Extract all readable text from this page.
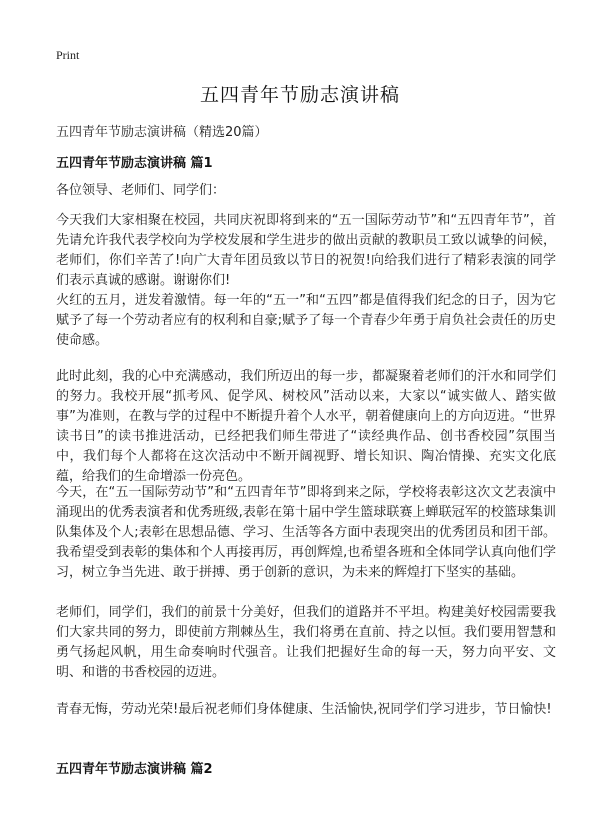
Print
五四青年节励志演讲稿

五四青年节励志演讲稿（精选20篇）

五四青年节励志演讲稿 篇1

各位领导、老师们、同学们：

今天我们大家相聚在校园，共同庆祝即将到来的“五一国际劳动节”和“五四青年节”，首先请允许我代表学校向为学校发展和学生进步的做出贡献的教职员工致以诚挚的问候，老师们，你们辛苦了!向广大青年团员致以节日的祝贺!向给我们进行了精彩表演的同学们表示真诚的感谢。谢谢你们!

火红的五月，迸发着激情。每一年的“五一”和“五四”都是值得我们纪念的日子，因为它赋予了每一个劳动者应有的权利和自豪;赋予了每一个青春少年勇于肩负社会责任的历史使命感。

此时此刻，我的心中充满感动，我们所迈出的每一步，都凝聚着老师们的汗水和同学们的努力。我校开展“抓考风、促学风、树校风”活动以来，大家以“诚实做人、踏实做事”为准则，在教与学的过程中不断提升着个人水平，朝着健康向上的方向迈进。“世界读书日”的读书推进活动，已经把我们师生带进了“读经典作品、创书香校园”氛围当中，我们每个人都将在这次活动中不断开阔视野、增长知识、陶冶情操、充实文化底蕴，给我们的生命增添一份亮色。

今天，在“五一国际劳动节”和“五四青年节”即将到来之际，学校将表彰这次文艺表演中涌现出的优秀表演者和优秀班级,表彰在第十届中学生篮球联赛上蝉联冠军的校篮球集训队集体及个人;表彰在思想品德、学习、生活等各方面中表现突出的优秀团员和团干部。我希望受到表彰的集体和个人再接再厉，再创辉煌,也希望各班和全体同学认真向他们学习，树立争当先进、敢于拼搏、勇于创新的意识，为未来的辉煌打下坚实的基础。

老师们，同学们，我们的前景十分美好，但我们的道路并不平坦。构建美好校园需要我们大家共同的努力，即使前方荆棘丛生，我们将勇在直前、持之以恒。我们要用智慧和勇气扬起风帆，用生命奏响时代强音。让我们把握好生命的每一天，努力向平安、文明、和谐的书香校园的迈进。

青春无悔，劳动光荣!最后祝老师们身体健康、生活愉快,祝同学们学习进步，节日愉快!

五四青年节励志演讲稿 篇2
